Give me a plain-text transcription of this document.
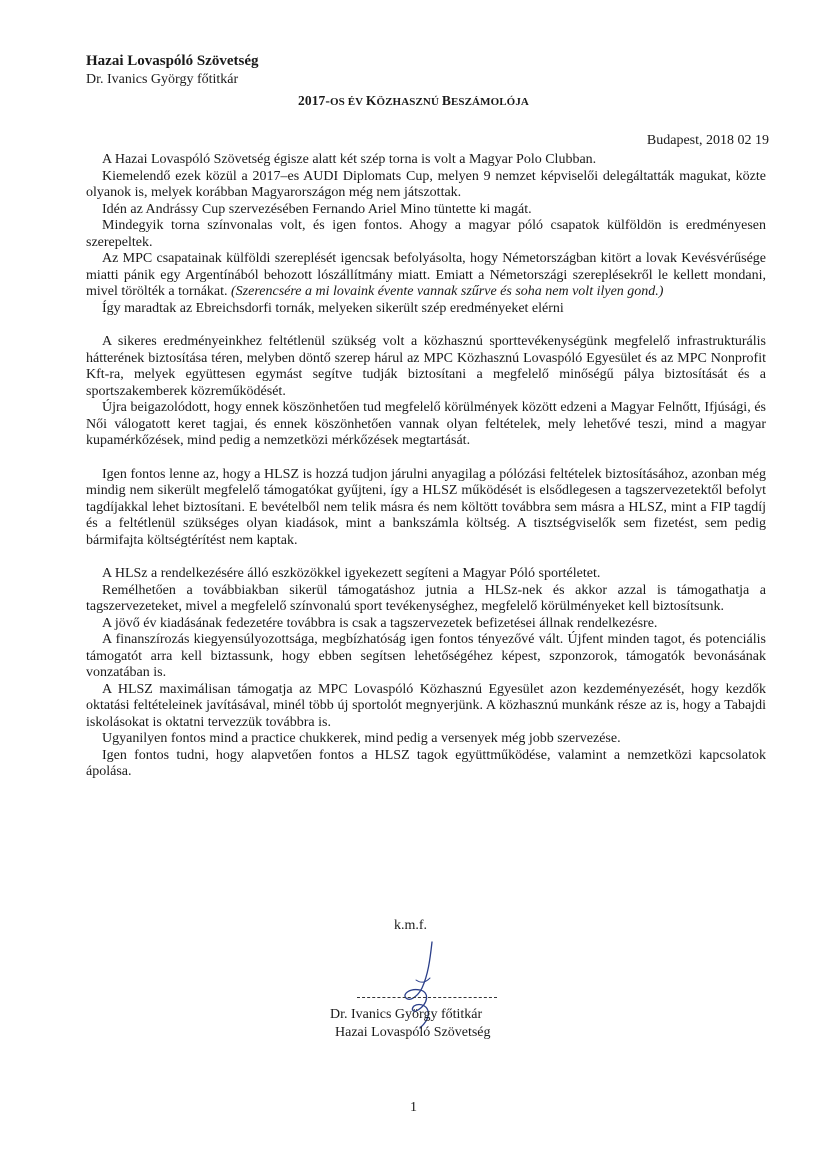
Hazai Lovaspóló Szövetség
Dr. Ivanics György főtitkár
2017-OS ÉV KÖZHASZNÚ BESZÁMOLÓJA
Budapest, 2018 02 19

A Hazai Lovaspóló Szövetség égisze alatt két szép torna is volt a Magyar Polo Clubban.

Kiemelendő ezek közül a 2017–es AUDI Diplomats Cup, melyen 9 nemzet képviselői delegáltatták magukat, közte olyanok is, melyek korábban Magyarországon még nem játszottak.

Idén az Andrássy Cup szervezésében Fernando Ariel Mino tüntette ki magát.

Mindegyik torna színvonalas volt, és igen fontos. Ahogy a magyar póló csapatok külföldön is eredményesen szerepeltek.

Az MPC csapatainak külföldi szereplését igencsak befolyásolta, hogy Németországban kitört a lovak Kevésvérűsége miatti pánik egy Argentínából behozott lószállítmány miatt. Emiatt a Németországi szereplésekről le kellett mondani, mivel törölték a tornákat. (Szerencsére a mi lovaink évente vannak szűrve és soha nem volt ilyen gond.)

Így maradtak az Ebreichsdorfi tornák, melyeken sikerült szép eredményeket elérni

A sikeres eredményeinkhez feltétlenül szükség volt a közhasznú sporttevékenységünk megfelelő infrastrukturális hátterének biztosítása téren, melyben döntő szerep hárul az MPC Közhasznú Lovaspóló Egyesület és az MPC Nonprofit Kft-ra, melyek együttesen egymást segítve tudják biztosítani a megfelelő minőségű pálya biztosítását és a sportszakemberek közreműködését.

Újra beigazolódott, hogy ennek köszönhetően tud megfelelő körülmények között edzeni a Magyar Felnőtt, Ifjúsági, és Női válogatott keret tagjai, és ennek köszönhetően vannak olyan feltételek, mely lehetővé teszi, mind a magyar kupamérkőzések, mind pedig a nemzetközi mérkőzések megtartását.

Igen fontos lenne az, hogy a HLSZ is hozzá tudjon járulni anyagilag a pólózási feltételek biztosításához, azonban még mindig nem sikerült megfelelő támogatókat gyűjteni, így a HLSZ működését is elsődlegesen a tagszervezetektől befolyt tagdíjakkal lehet biztosítani. E bevételből nem telik másra és nem költött továbbra sem másra a HLSZ, mint a FIP tagdíj és a feltétlenül szükséges olyan kiadások, mint a bankszámla költség. A tisztségviselők sem fizetést, sem pedig bármifajta költségtérítést nem kaptak.

A HLSz a rendelkezésére álló eszközökkel igyekezett segíteni a Magyar Póló sportéletet.

Remélhetően a továbbiakban sikerül támogatáshoz jutnia a HLSz-nek és akkor azzal is támogathatja a tagszervezeteket, mivel a megfelelő színvonalú sport tevékenységhez, megfelelő körülményeket kell biztosítsunk.

A jövő év kiadásának fedezetére továbbra is csak a tagszervezetek befizetései állnak rendelkezésre.

A finanszírozás kiegyensúlyozottsága, megbízhatóság igen fontos tényezővé vált. Újfent minden tagot, és potenciális támogatót arra kell biztassunk, hogy ebben segítsen lehetőségéhez képest, szponzorok, támogatók bevonásának vonzatában is.

A HLSZ maximálisan támogatja az MPC Lovaspóló Közhasznú Egyesület azon kezdeményezését, hogy kezdők oktatási feltételeinek javításával, minél több új sportolót megnyerjünk. A közhasznú munkánk része az is, hogy a Tabajdi iskolásokat is oktatni tervezzük továbbra is.

Ugyanilyen fontos mind a practice chukkerek, mind pedig a versenyek még jobb szervezése.

Igen fontos tudni, hogy alapvetően fontos a HLSZ tagok együttműködése, valamint a nemzetközi kapcsolatok ápolása.

k.m.f.
Dr. Ivanics György főtitkár
Hazai Lovaspóló Szövetség
1
